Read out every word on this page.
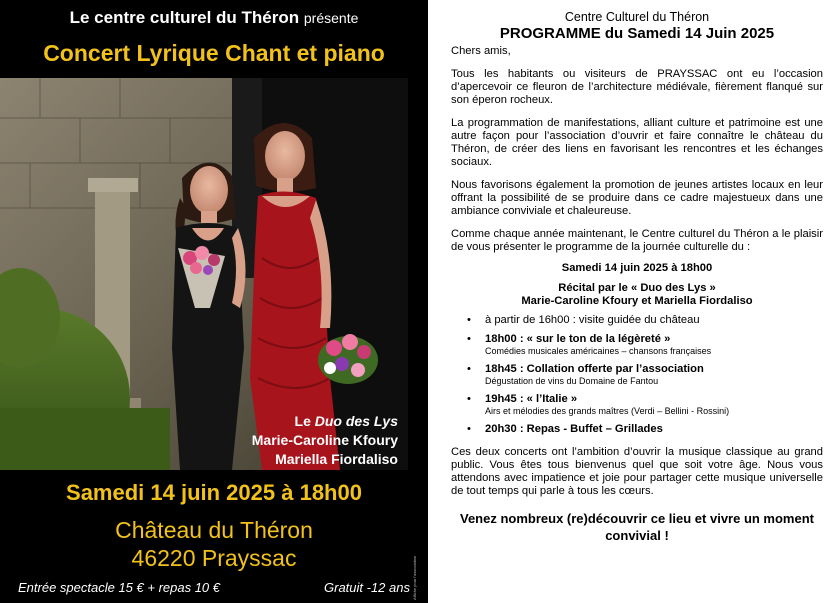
Le centre culturel du Théron présente
Concert Lyrique Chant et piano
Le Duo des Lys
Marie-Caroline Kfoury
Mariella Fiordaliso
Samedi 14 juin 2025 à 18h00
Château du Théron
46220 Prayssac
Entrée spectacle 15 € + repas 10 €	Gratuit -12 ans Affiche pour l’association
Centre Culturel du Théron
PROGRAMME du Samedi 14 Juin 2025

Chers amis,

Tous les habitants ou visiteurs de PRAYSSAC ont eu l’occasion d’apercevoir ce fleuron de l’architecture médiévale, fièrement flanqué sur son éperon rocheux.

La programmation de manifestations, alliant culture et patrimoine est une autre façon pour l’association d’ouvrir et faire connaître le château du Théron, de créer des liens en favorisant les rencontres et les échanges sociaux.

Nous favorisons également la promotion de jeunes artistes locaux en leur offrant la possibilité de se produire dans ce cadre majestueux dans une ambiance conviviale et chaleureuse.

Comme chaque année maintenant, le Centre culturel du Théron a le plaisir de vous présenter le programme de la journée culturelle du :

Samedi 14 juin 2025 à 18h00

Récital par le « Duo des Lys »

Marie-Caroline Kfoury et Mariella Fiordaliso

• à partir de 16h00 : visite guidée du château
• 18h00 : « sur le ton de la légèreté »
Comédies musicales américaines – chansons françaises
• 18h45 : Collation offerte par l’association
Dégustation de vins du Domaine de Fantou
• 19h45 : « l’Italie »
Airs et mélodies des grands maîtres (Verdi – Bellini - Rossini)
• 20h30 : Repas - Buffet – Grillades

Ces deux concerts ont l’ambition d’ouvrir la musique classique au grand public. Vous êtes tous bienvenus quel que soit votre âge. Nous vous attendons avec impatience et joie pour partager cette musique universelle de tout temps qui parle à tous les cœurs.

Venez nombreux (re)découvrir ce lieu et vivre un moment convivial !
